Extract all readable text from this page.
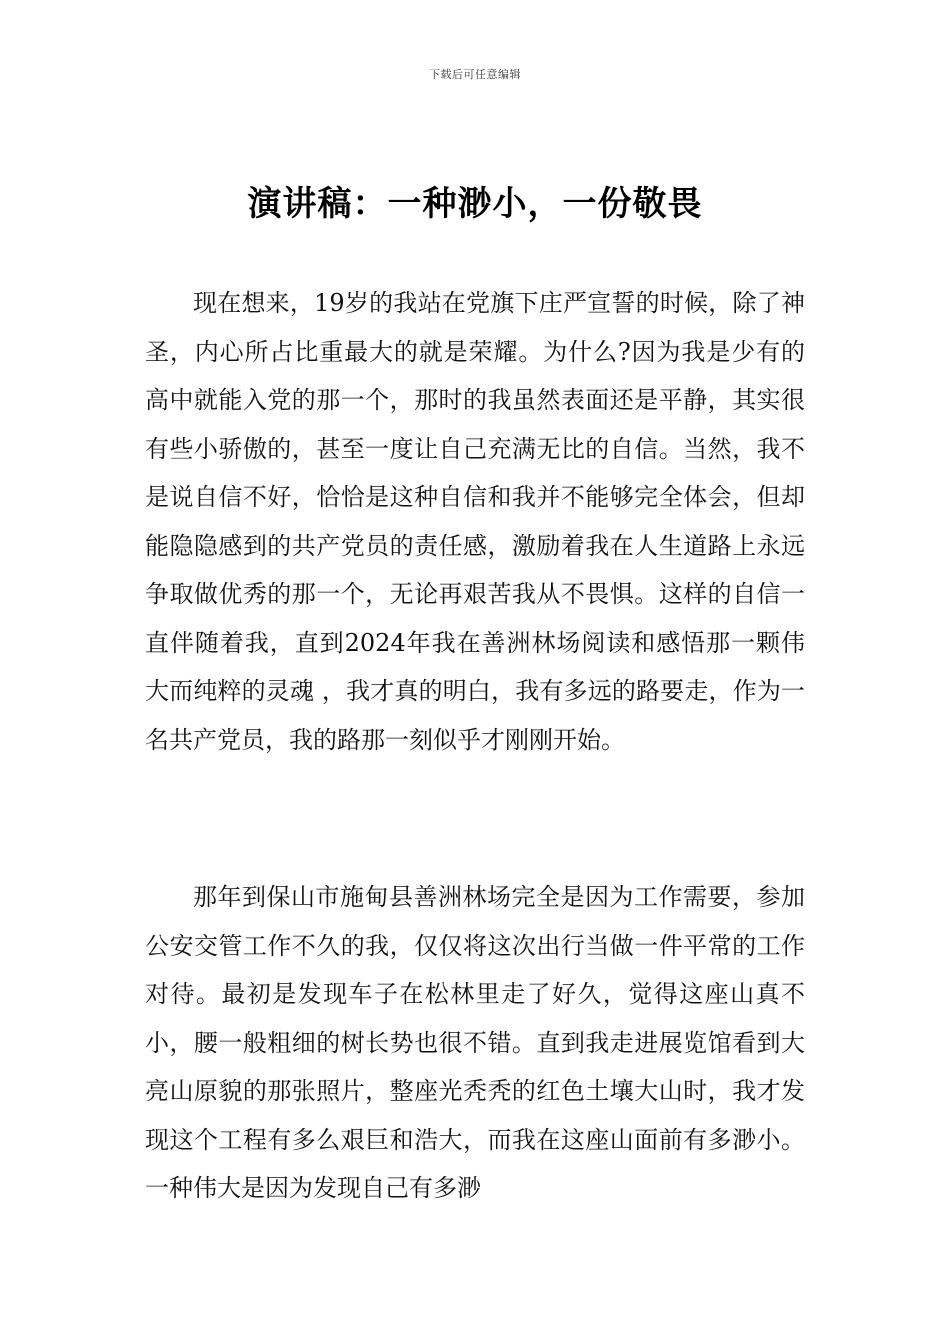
下载后可任意编辑
演讲稿：一种渺小，一份敬畏

现在想来，19岁的我站在党旗下庄严宣誓的时候，除了神圣，内心所占比重最大的就是荣耀。为什么?因为我是少有的高中就能入党的那一个，那时的我虽然表面还是平静，其实很有些小骄傲的，甚至一度让自己充满无比的自信。当然，我不是说自信不好，恰恰是这种自信和我并不能够完全体会，但却能隐隐感到的共产党员的责任感，激励着我在人生道路上永远争取做优秀的那一个，无论再艰苦我从不畏惧。这样的自信一直伴随着我，直到2024年我在善洲林场阅读和感悟那一颗伟大而纯粹的灵魂 ，我才真的明白，我有多远的路要走，作为一名共产党员，我的路那一刻似乎才刚刚开始。

那年到保山市施甸县善洲林场完全是因为工作需要，参加公安交管工作不久的我，仅仅将这次出行当做一件平常的工作对待。最初是发现车子在松林里走了好久，觉得这座山真不小，腰一般粗细的树长势也很不错。直到我走进展览馆看到大亮山原貌的那张照片，整座光秃秃的红色土壤大山时，我才发现这个工程有多么艰巨和浩大，而我在这座山面前有多渺小。一种伟大是因为发现自己有多渺
